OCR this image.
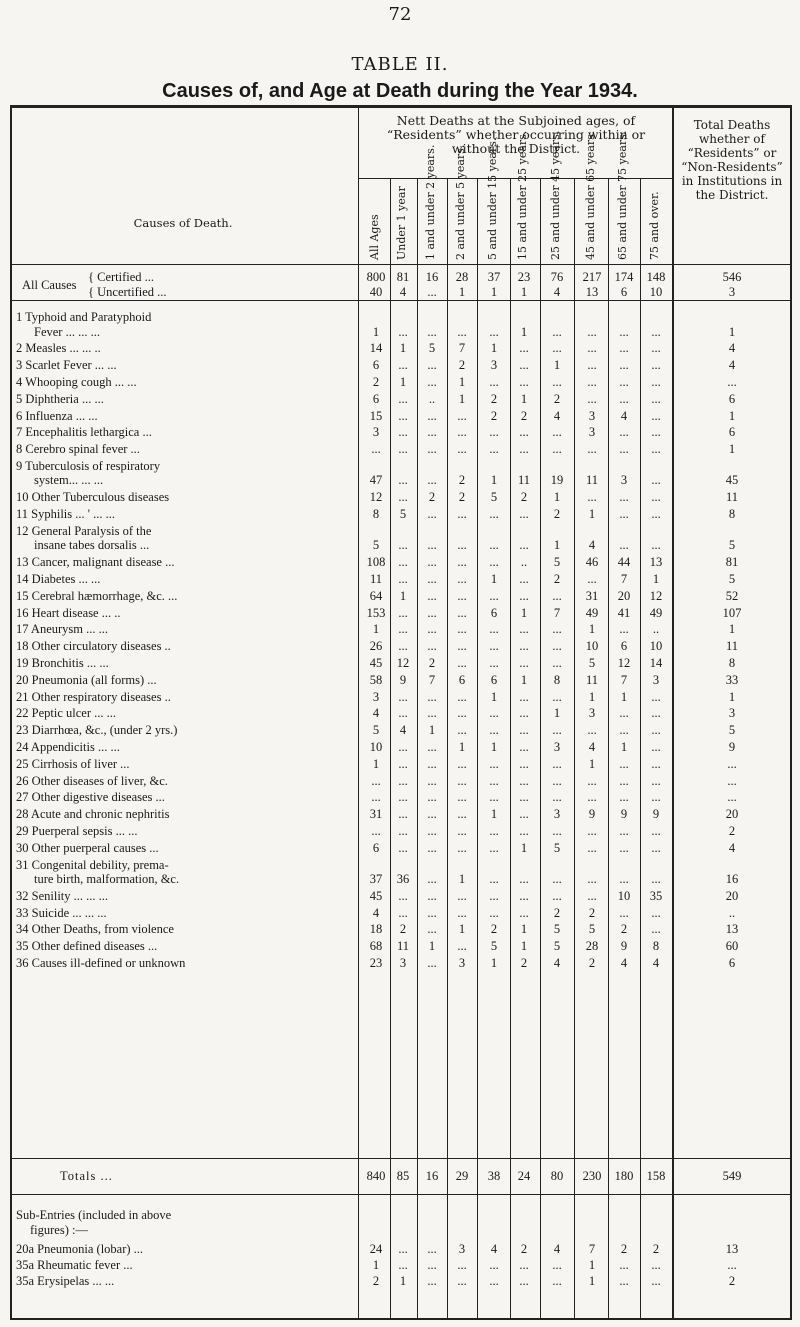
72
TABLE II.
Causes of, and Age at Death during the Year 1934.
Causes of Death.
Nett Deaths at the Subjoined ages, of “Residents” whether occurring within or without the District.
Total Deaths whether of “Residents” or “Non-Residents” in Institutions in the District.
All Ages Under 1 year 1 and under 2 years. 2 and under 5 years. 5 and under 15 years. 15 and under 25 years. 25 and under 45 years. 45 and under 65 years. 65 and under 75 years. 75 and over.
All Causes
{ Certified ...
{ Uncertified ...
800 81	16	28	37	23	76	217	174	148	546
40	4	...	1	1	1	4	13	6	10	3
1 Typhoid and Paratyphoid
Fever ... ... ...	1	...	...	...	...	1	...	...	...	...	1
2 Measles ... ... ..	14	1	5	7	1	...	...	...	...	...	4
3 Scarlet Fever ... ...	6	...	...	2	3	...	1	...	...	...	4
4 Whooping cough ... ...	2	1	...	1	...	...	...	...	...	...	...
5 Diphtheria ... ...	6	...	..	1	2	1	2	...	...	...	6
6 Influenza ... ...	15	...	...	...	2	2	4	3	4	...	1
7 Encephalitis lethargica ...	3	...	...	...	...	...	...	3	...	...	6
8 Cerebro spinal fever ...	...	...	...	...	...	...	...	...	...	...	1
9 Tuberculosis of respiratory
system... ... ...	47	...	...	2	1	11	19	11	3	...	45
10 Other Tuberculous diseases	12	...	2	2	5	2	1	...	...	...	11
11 Syphilis ... ' ... ...	8	5	...	...	...	...	2	1	...	...	8
12 General Paralysis of the
insane tabes dorsalis ...	5	...	...	...	...	...	1	4	...	...	5
13 Cancer, malignant disease ...	108	...	...	...	...	..	5	46	44	13	81
14 Diabetes ... ...	11	...	...	...	1	...	2	...	7	1	5
15 Cerebral hæmorrhage, &c. ...	64	1	...	...	...	...	...	31	20	12	52
16 Heart disease ... ..	153	...	...	...	6	1	7	49	41	49	107
17 Aneurysm ... ...	1	...	...	...	...	...	...	1	...	..	1
18 Other circulatory diseases ..	26	...	...	...	...	...	...	10	6	10	11
19 Bronchitis ... ...	45	12	2	...	...	...	...	5	12	14	8
20 Pneumonia (all forms) ...	58	9	7	6	6	1	8	11	7	3	33
21 Other respiratory diseases ..	3	...	...	...	1	...	...	1	1	...	1
22 Peptic ulcer ... ...	4	...	...	...	...	...	1	3	...	...	3
23 Diarrhœa, &c., (under 2 yrs.)	5	4	1	...	...	...	...	...	...	...	5
24 Appendicitis ... ...	10	...	...	1	1	...	3	4	1	...	9
25 Cirrhosis of liver ...	1	...	...	...	...	...	...	1	...	...	...
26 Other diseases of liver, &c.	...	...	...	...	...	...	...	...	...	...	...
27 Other digestive diseases ...	...	...	...	...	...	...	...	...	...	...	...
28 Acute and chronic nephritis	31	...	...	...	1	...	3	9	9	9	20
29 Puerperal sepsis ... ...	...	...	...	...	...	...	...	...	...	...	2
30 Other puerperal causes ...	6	...	...	...	...	1	5	...	...	...	4
31 Congenital debility, prema-
ture birth, malformation, &c.	37	36	...	1	...	...	...	...	...	...	16
32 Senility ... ... ...	45	...	...	...	...	...	...	...	10	35	20
33 Suicide ... ... ...	4	...	...	...	...	...	2	2	...	...	..
34 Other Deaths, from violence	18	2	...	1	2	1	5	5	2	...	13
35 Other defined diseases ...	68	11	1	...	5	1	5	28	9	8	60
36 Causes ill-defined or unknown	23	3	...	3	1	2	4	2	4	4	6
Totals ...	840 85	16	29	38	24	80	230	180	158	549
Sub-Entries (included in above
figures) :—
20a Pneumonia (lobar) ...	24	...	...	3	4	2	4	7	2	2	13
35a Rheumatic fever ...	1	...	...	...	...	...	...	1	...	...	...
35a Erysipelas ... ...	2	1	...	...	...	...	...	1	...	...	2
